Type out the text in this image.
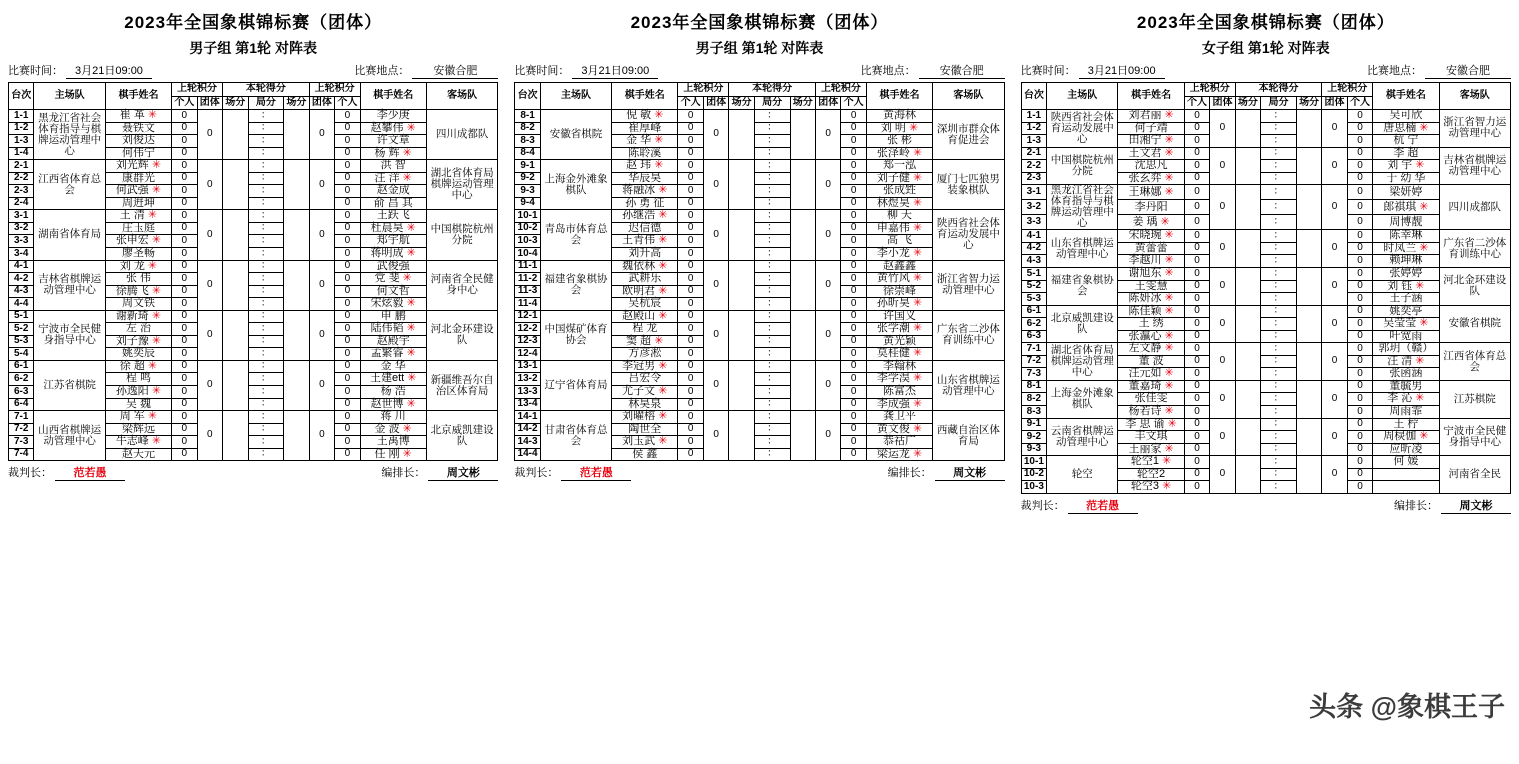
2023年全国象棋锦标赛（团体）
男子组 第1轮 对阵表
比赛时间：	3月21日09:00	比赛地点：	安徽合肥
台次	主场队	棋手姓名	上轮积分		本轮得分			上轮积分		棋手姓名	客场队
			个人	团体	场分	局分	场分	团体	个人		
1-1	黑龙江省社会体育指导与棋牌运动管理中心	崔 革 ✳	0	0		：		0	0	李少庚	四川成都队
1-2		聂铁文	0			：			0	赵攀伟 ✳	
1-3		刘俊达	0			：			0	许文章	
1-4		何伟宁	0			：			0	杨 辉 ✳	
2-1	江西省体育总会	刘光辉 ✳	0	0		：		0	0	洪 智	湖北省体育局棋牌运动管理中心
2-2		康群光	0			：			0	汪 洋 ✳	
2-3		何武强 ✳	0			：			0	赵金成	
2-4		周逬坤	0			：			0	俞 昌 其	
3-1	湖南省体育局	王 清 ✳	0	0		：		0	0	王跃飞	中国棋院杭州分院
3-2		庄玉庭	0			：			0	杜晨昊 ✳	
3-3		张申宏 ✳	0			：			0	郑宇航	
3-4		廖圣畅	0			：			0	蒋明成 ✳	
4-1	吉林省棋牌运动管理中心	刘 龙 ✳	0	0		：		0	0	武俊强	河南省全民健身中心
4-2		张 伟	0			：			0	党 斐 ✳	
4-3		徐腾飞 ✳	0			：			0	何文哲	
4-4		周文铁	0			：			0	宋炫毅 ✳	
5-1	宁波市全民健身指导中心	谢新琦 ✳	0	0		：		0	0	申 鹏	河北金环建设队
5-2		左 治	0			：			0	陆伟韬 ✳	
5-3		刘子豫 ✳	0			：			0	赵殿宇	
5-4		姚奕辰	0			：			0	孟繁睿 ✳	
6-1	江苏省棋院	徐 超 ✳	0	0		：		0	0	金 华	新疆维吾尔自治区体育局
6-2		程 鸣	0			：			0	王建ett ✳	
6-3		孙逸阳 ✳	0			：			0	杨 浩	
6-4		吴 魏	0			：			0	赵世博 ✳	
7-1	山西省棋牌运动管理中心	周 军 ✳	0	0		：		0	0	蒋 川	北京威凯建设队
7-2		梁辉远	0			：			0	金 波 ✳	
7-3		牛志峰 ✳	0			：			0	王禹博	
7-4		赵天元	0			：			0	任 刚 ✳	
裁判长：	范若愚	编排长：	周文彬
2023年全国象棋锦标赛（团体）
男子组 第1轮 对阵表
比赛时间：	3月21日09:00	比赛地点：	安徽合肥
台次	主场队	棋手姓名	上轮积分		本轮得分			上轮积分		棋手姓名	客场队
			个人	团体	场分	局分	场分	团体	个人		
8-1	安徽省棋院	倪 敏 ✳	0	0		：		0	0	黄海林	深圳市群众体育促进会
8-2		崔厚峰	0			：			0	刘 明 ✳	
8-3		金 华 ✳	0			：			0	张 彬	
8-4		陈聆溪	0			：			0	张泽岭 ✳	
9-1	上海金外滩象棋队	赵 玮 ✳	0	0		：		0	0	郑一泓	厦门七匹狼男装象棋队
9-2		华辰昊	0			：			0	刘子健 ✳	
9-3		蒋融冰 ✳	0			：			0	张成甡	
9-4		孙 勇 征	0			：			0	林煜昊 ✳	
10-1	青岛市体育总会	孙继浩 ✳	0	0		：		0	0	柳 天	陕西省社会体育运动发展中心
10-2		迟信德	0			：			0	申嘉伟 ✳	
10-3		王青伟 ✳	0			：			0	高 飞	
10-4		刘升高	0			：			0	李小龙 ✳	
11-1	福建省象棋协会	魏依林 ✳	0	0		：		0	0	赵鑫鑫	浙江省智力运动管理中心
11-2		武耕乐	0			：			0	黄竹风 ✳	
11-3		欧明君 ✳	0			：			0	徐崇峰	
11-4		吴杭宸	0			：			0	孙昕昊 ✳	
12-1	中国煤矿体育协会	赵殿山 ✳	0	0		：		0	0	许国义	广东省二沙体育训练中心
12-2		程 龙	0			：			0	张学潮 ✳	
12-3		窦 超 ✳	0			：			0	黄光颖	
12-4		方彦淞	0			：			0	莫桂健 ✳	
13-1	辽宁省体育局	李冠男 ✳	0	0		：		0	0	李翰林	山东省棋牌运动管理中心
13-2		吕宏令	0			：			0	李学淏 ✳	
13-3		尤子文 ✳	0			：			0	陈富杰	
13-4		林昊泉	0			：			0	李成强 ✳	
14-1	甘肃省体育总会	刘曜榕 ✳	0	0		：		0	0	龚卫平	西藏自治区体育局
14-2		陶世全	0			：			0	黄文俊 ✳	
14-3		刘玉武 ✳	0			：			0	恭祜广	
14-4		侯 鑫	0			：			0	梁运龙 ✳	
裁判长：	范若愚	编排长：	周文彬
2023年全国象棋锦标赛（团体）
女子组 第1轮 对阵表
比赛时间：	3月21日09:00	比赛地点：	安徽合肥
台次	主场队	棋手姓名	上轮积分		本轮得分			上轮积分		棋手姓名	客场队
			个人	团体	场分	局分	场分	团体	个人		
1-1	陕西省社会体育运动发展中心	刘君丽 ✳	0	0		：		0	0	吴可欣	浙江省智力运动管理中心
1-2		何子靖	0			：			0	唐思楠 ✳	
1-3		田湘宁 ✳	0			：			0	杭 宁	
2-1	中国棋院杭州分院	王文君 ✳	0	0		：		0	0	李 超	吉林省棋牌运动管理中心
2-2		沈思凡	0			：			0	刘 宇 ✳	
2-3		张玄弈 ✳	0			：			0	于 幼 华	
3-1	黑龙江省社会体育指导与棋牌运动管理中心	王琳娜 ✳	0	0		：		0	0	梁妍婷	四川成都队
3-2		李丹阳	0			：			0	郎祺琪 ✳	
3-3		姜 瑀 ✳	0			：			0	周博靓	
4-1	山东省棋牌运动管理中心	宋晓琬 ✳	0	0		：		0	0	陈幸琳	广东省二沙体育训练中心
4-2		黄蕾蕾	0			：			0	时凤兰 ✳	
4-3		李越川 ✳	0			：			0	赖坤琳	
5-1	福建省象棋协会	谢旭东 ✳	0	0		：		0	0	张婷婷	河北金环建设队
5-2		王雯慧	0			：			0	刘 钰 ✳	
5-3		陈妍冰 ✳	0			：			0	王子涵	
6-1	北京威凯建设队	陈佳颖 ✳	0	0		：		0	0	姚奕亭	安徽省棋院
6-2		王 绣	0			：			0	吴莹莹 ✳	
6-3		张瀛心 ✳	0			：			0	叶宽雨	
7-1	湖北省体育局棋牌运动管理中心	左文静 ✳	0	0		：		0	0	郭玥（赣）	江西省体育总会
7-2		董 波	0			：			0	汪 清 ✳	
7-3		汪元如 ✳	0			：			0	张函涵	
8-1	上海金外滩象棋队	董嘉琦 ✳	0	0		：		0	0	董毓男	江苏棋院
8-2		张佳雯	0			：			0	李 沁 ✳	
8-3		杨若诗 ✳	0			：			0	周雨霏	
9-1	云南省棋牌运动管理中心	李 思 谕 ✳	0	0		：		0	0	王 柠	宁波市全民健身指导中心
9-2		丰文琪	0			：			0	周棂伽 ✳	
9-3		王丽家 ✳	0			：			0	应昕凌	
10-1	轮空	轮空1 ✳	0	0		：		0	0	何 媛	河南省全民
10-2		轮空2	0			：			0		
10-3		轮空3 ✳	0			：			0		
裁判长：	范若愚	编排长：	周文彬
头条 @象棋王子
